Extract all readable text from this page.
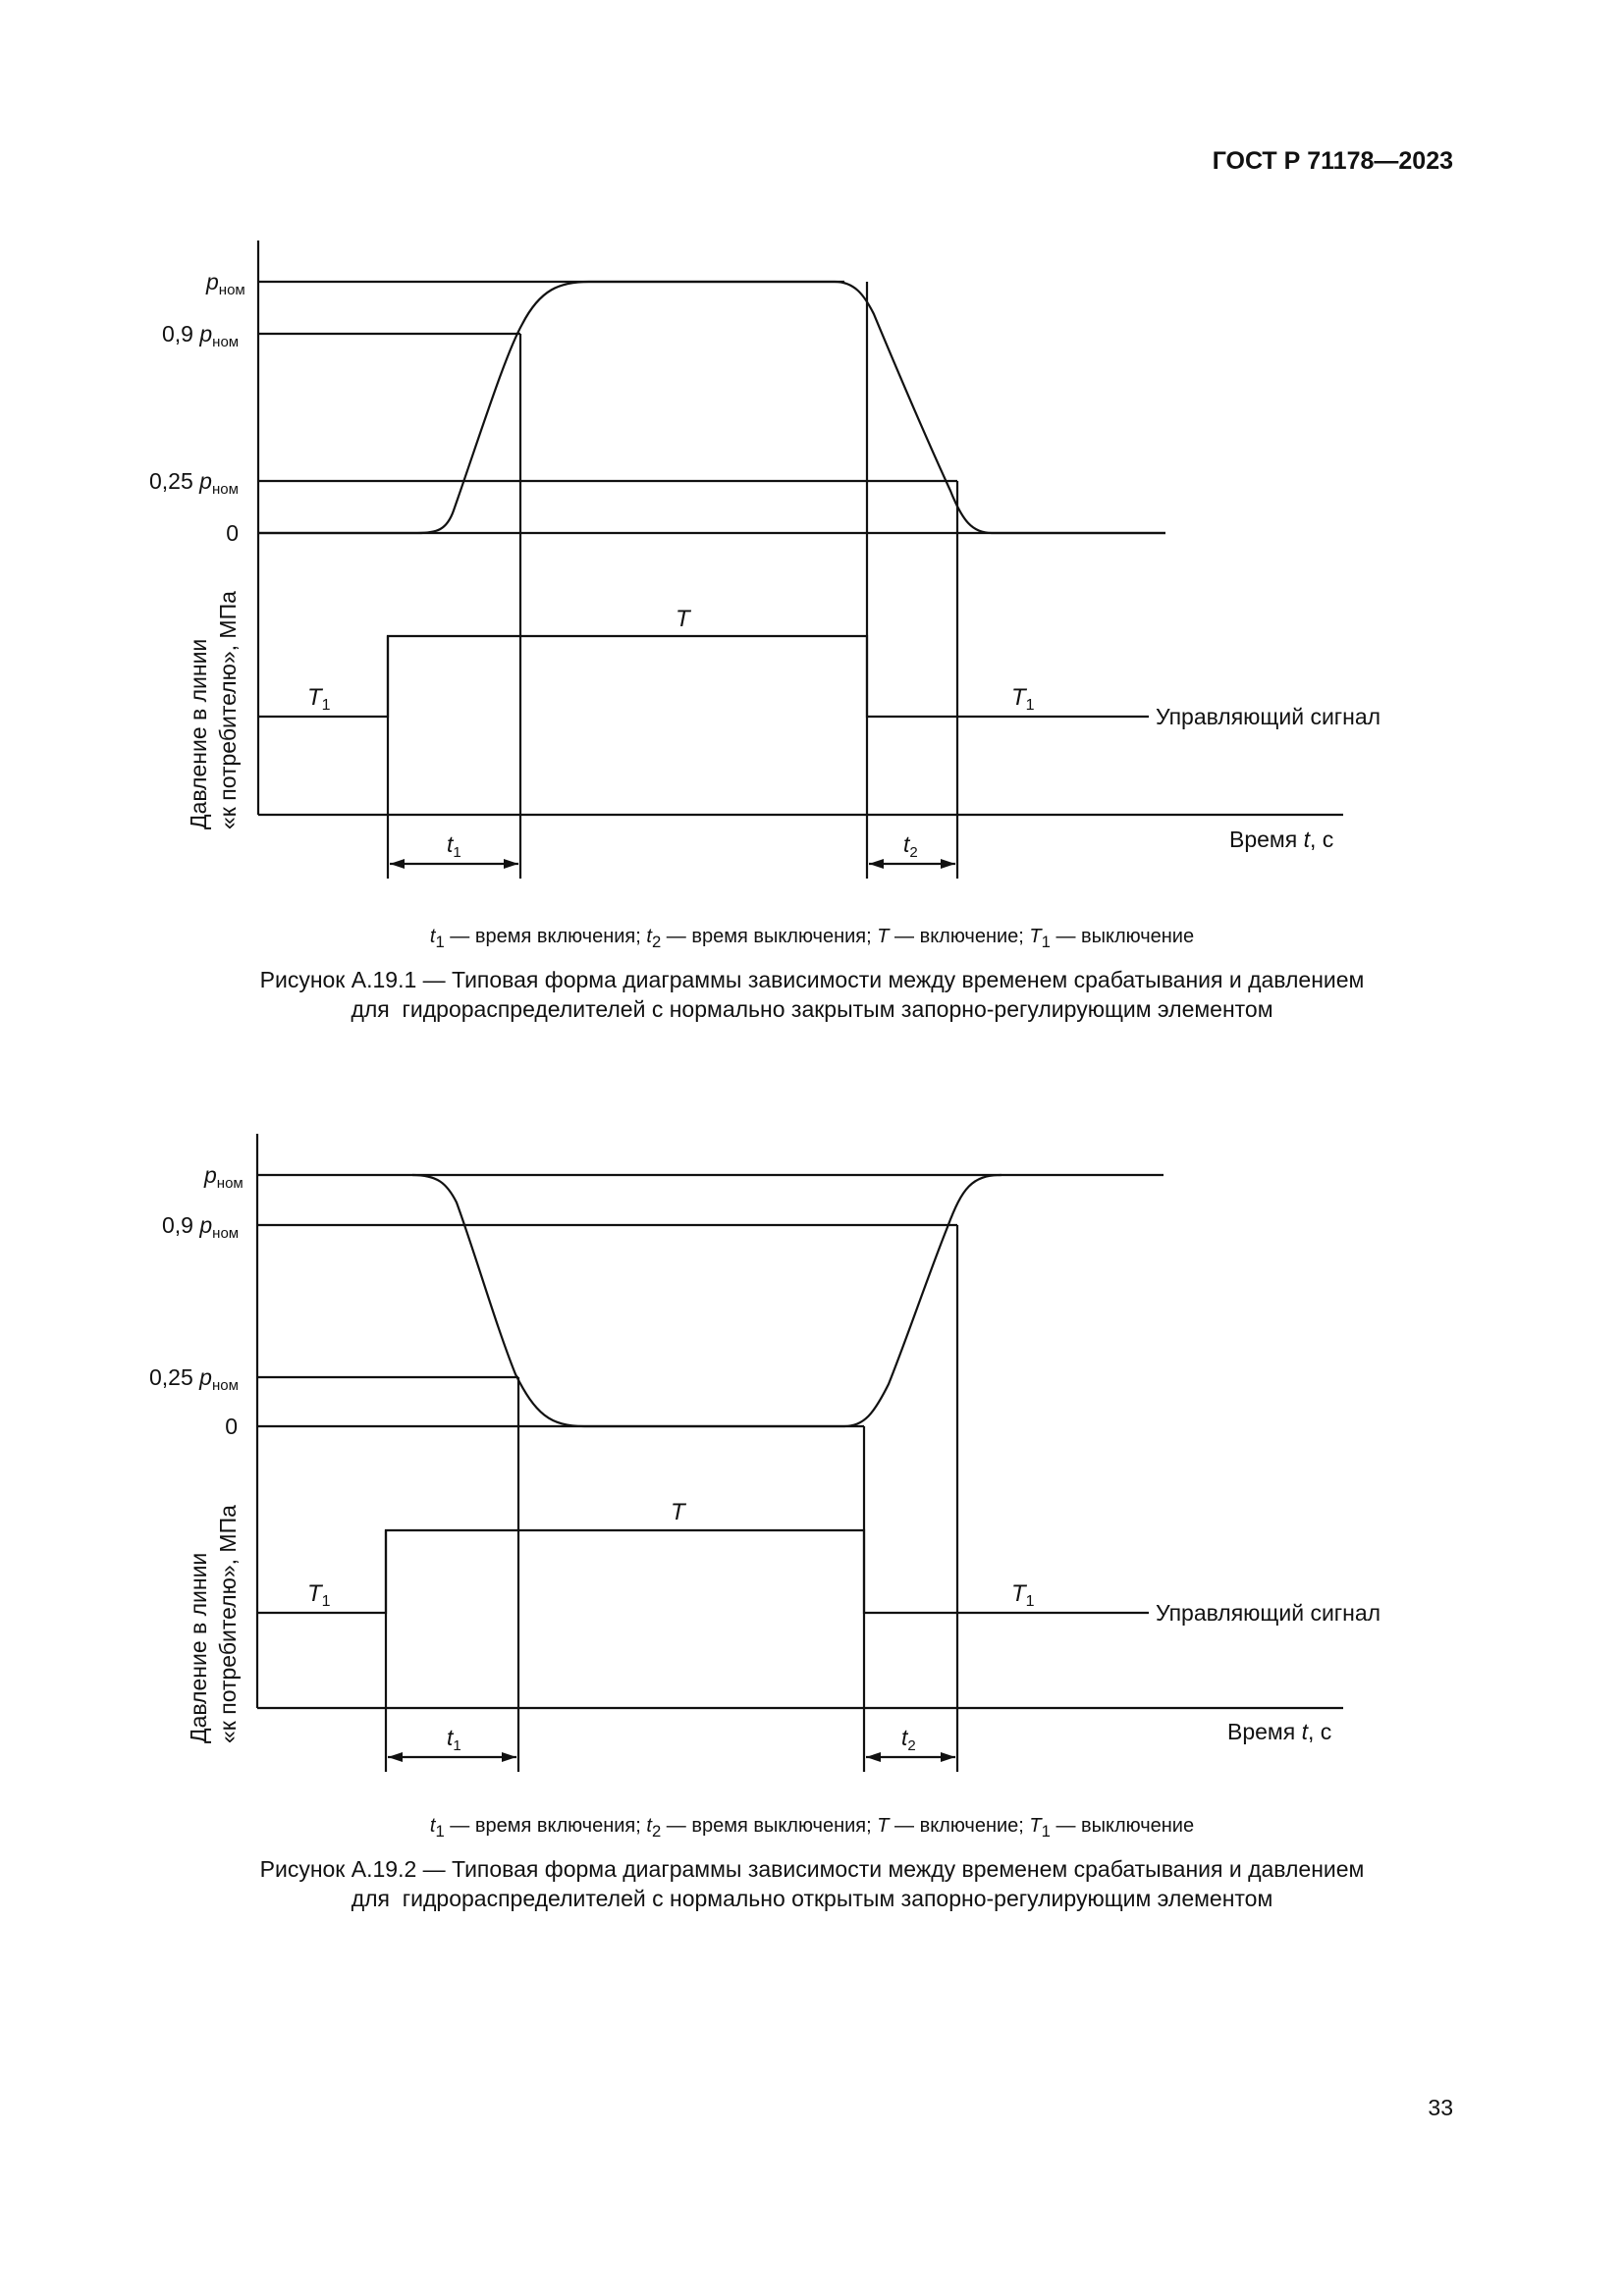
ГОСТ Р 71178—2023
$p_{ном}$
0,9 $p_{ном}$
0,25 $p_{ном}$
0
Давление в линии «к потребителю», МПа	T
$T_1$	$T_1$	Управляющий сигнал
$t_1$	$t_2$
Время t, с
$t_1$ — время включения; $t_2$ — время выключения; T — включение; $T_1$ — выключение
Рисунок А.19.1 — Типовая форма диаграммы зависимости между временем срабатывания и давлением
для  гидрораспределителей с нормально закрытым запорно-регулирующим элементом
$p_{ном}$
0,9 $p_{ном}$
0,25 $p_{ном}$
0
Давление в линии «к потребителю», МПа	T
$T_1$	$T_1$	Управляющий сигнал
$t_1$	$t_2$
Время t, с
$t_1$ — время включения; $t_2$ — время выключения; T — включение; $T_1$ — выключение
Рисунок А.19.2 — Типовая форма диаграммы зависимости между временем срабатывания и давлением
для  гидрораспределителей с нормально открытым запорно-регулирующим элементом
33
